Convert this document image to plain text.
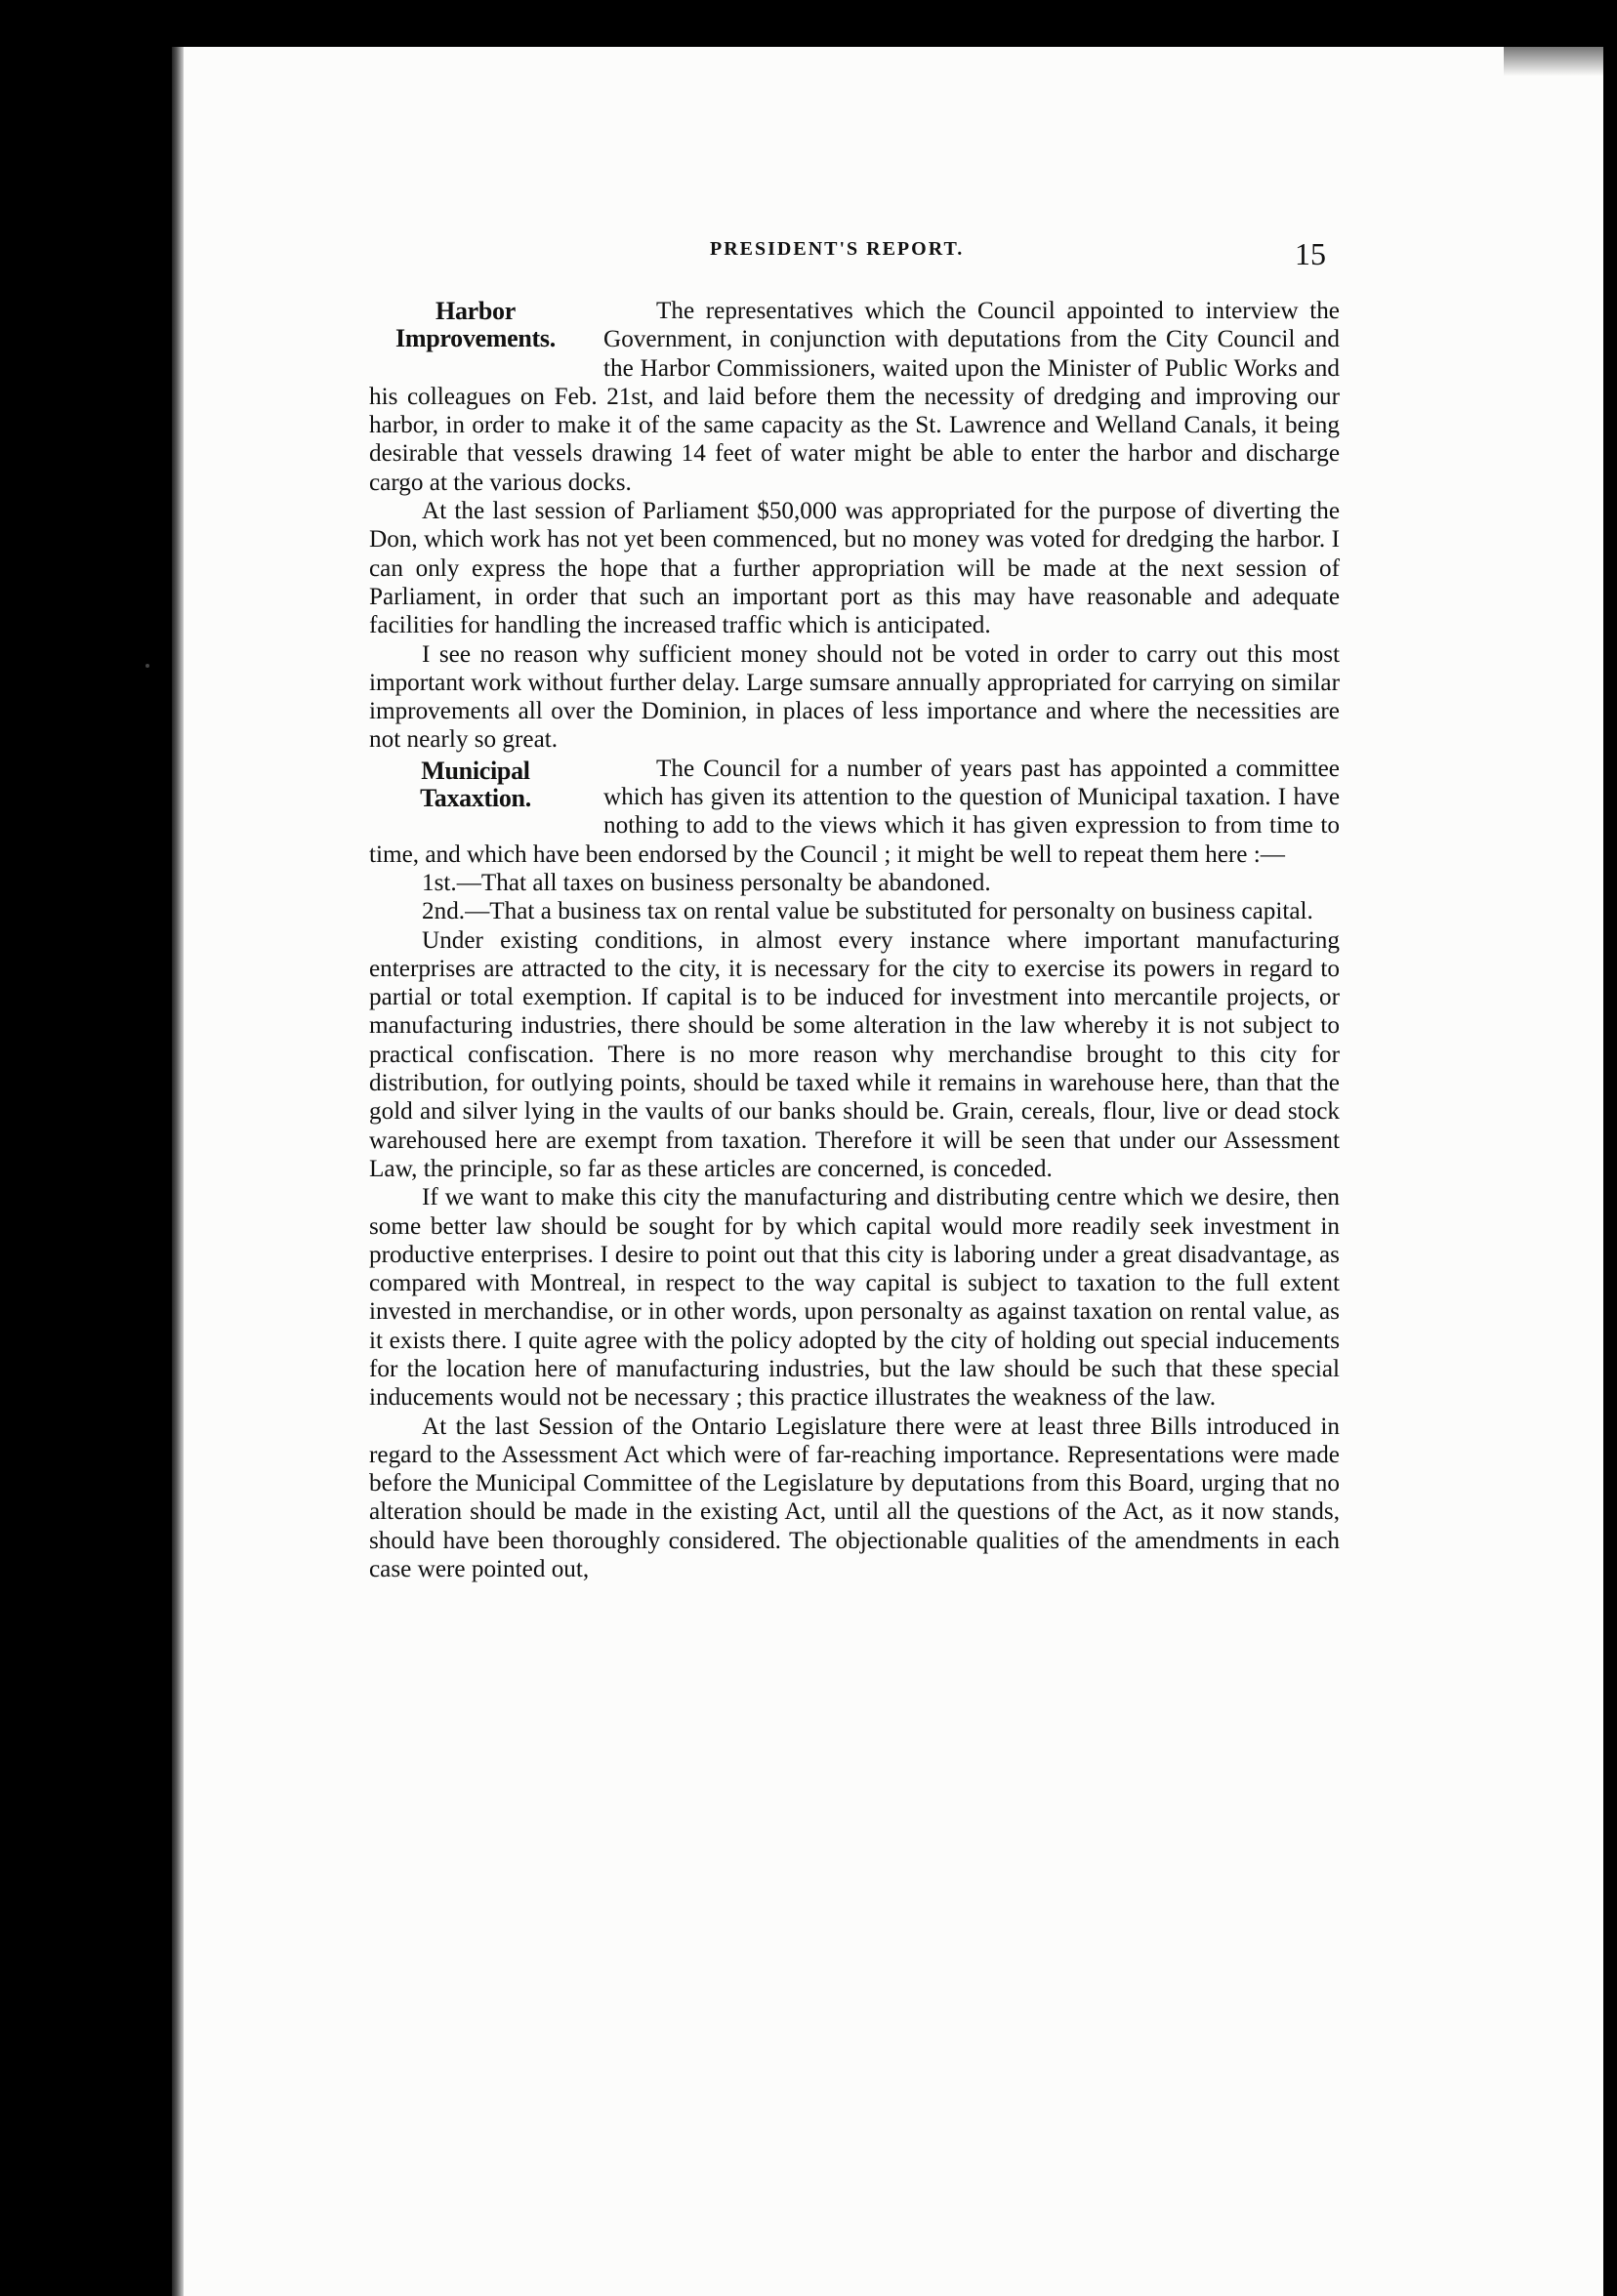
PRESIDENT'S REPORT.	15
Harbor
Improvements.

The representatives which the Council appointed to interview the Government, in conjunction with deputations from the City Council and the Harbor Commissioners, waited upon the Minister of Public Works and his colleagues on Feb. 21st, and laid before them the necessity of dredging and improving our harbor, in order to make it of the same capacity as the St. Lawrence and Welland Canals, it being desirable that vessels drawing 14 feet of water might be able to enter the harbor and discharge cargo at the various docks.

At the last session of Parliament $50,000 was appropriated for the purpose of diverting the Don, which work has not yet been commenced, but no money was voted for dredging the harbor. I can only express the hope that a further appropriation will be made at the next session of Parliament, in order that such an important port as this may have reasonable and adequate facilities for handling the increased traffic which is anticipated.

I see no reason why sufficient money should not be voted in order to carry out this most important work without further delay. Large sumsare annually appropriated for carrying on similar improvements all over the Dominion, in places of less importance and where the necessities are not nearly so great.

Municipal
Taxaxtion.

The Council for a number of years past has appointed a committee which has given its attention to the question of Municipal taxation. I have nothing to add to the views which it has given expression to from time to time, and which have been endorsed by the Council ; it might be well to repeat them here :—

1st.—That all taxes on business personalty be abandoned.

2nd.—That a business tax on rental value be substituted for personalty on business capital.

Under existing conditions, in almost every instance where important manufacturing enterprises are attracted to the city, it is necessary for the city to exercise its powers in regard to partial or total exemption. If capital is to be induced for investment into mercantile projects, or manufacturing industries, there should be some alteration in the law whereby it is not subject to practical confiscation. There is no more reason why merchandise brought to this city for distribution, for outlying points, should be taxed while it remains in warehouse here, than that the gold and silver lying in the vaults of our banks should be. Grain, cereals, flour, live or dead stock warehoused here are exempt from taxation. Therefore it will be seen that under our Assessment Law, the principle, so far as these articles are concerned, is conceded.

If we want to make this city the manufacturing and distributing centre which we desire, then some better law should be sought for by which capital would more readily seek investment in productive enterprises. I desire to point out that this city is laboring under a great disadvantage, as compared with Montreal, in respect to the way capital is subject to taxation to the full extent invested in merchandise, or in other words, upon personalty as against taxation on rental value, as it exists there. I quite agree with the policy adopted by the city of holding out special inducements for the location here of manufacturing industries, but the law should be such that these special inducements would not be necessary ; this practice illustrates the weakness of the law.

At the last Session of the Ontario Legislature there were at least three Bills introduced in regard to the Assessment Act which were of far-reaching importance. Representations were made before the Municipal Committee of the Legislature by deputations from this Board, urging that no alteration should be made in the existing Act, until all the questions of the Act, as it now stands, should have been thoroughly considered. The objectionable qualities of the amendments in each case were pointed out,
